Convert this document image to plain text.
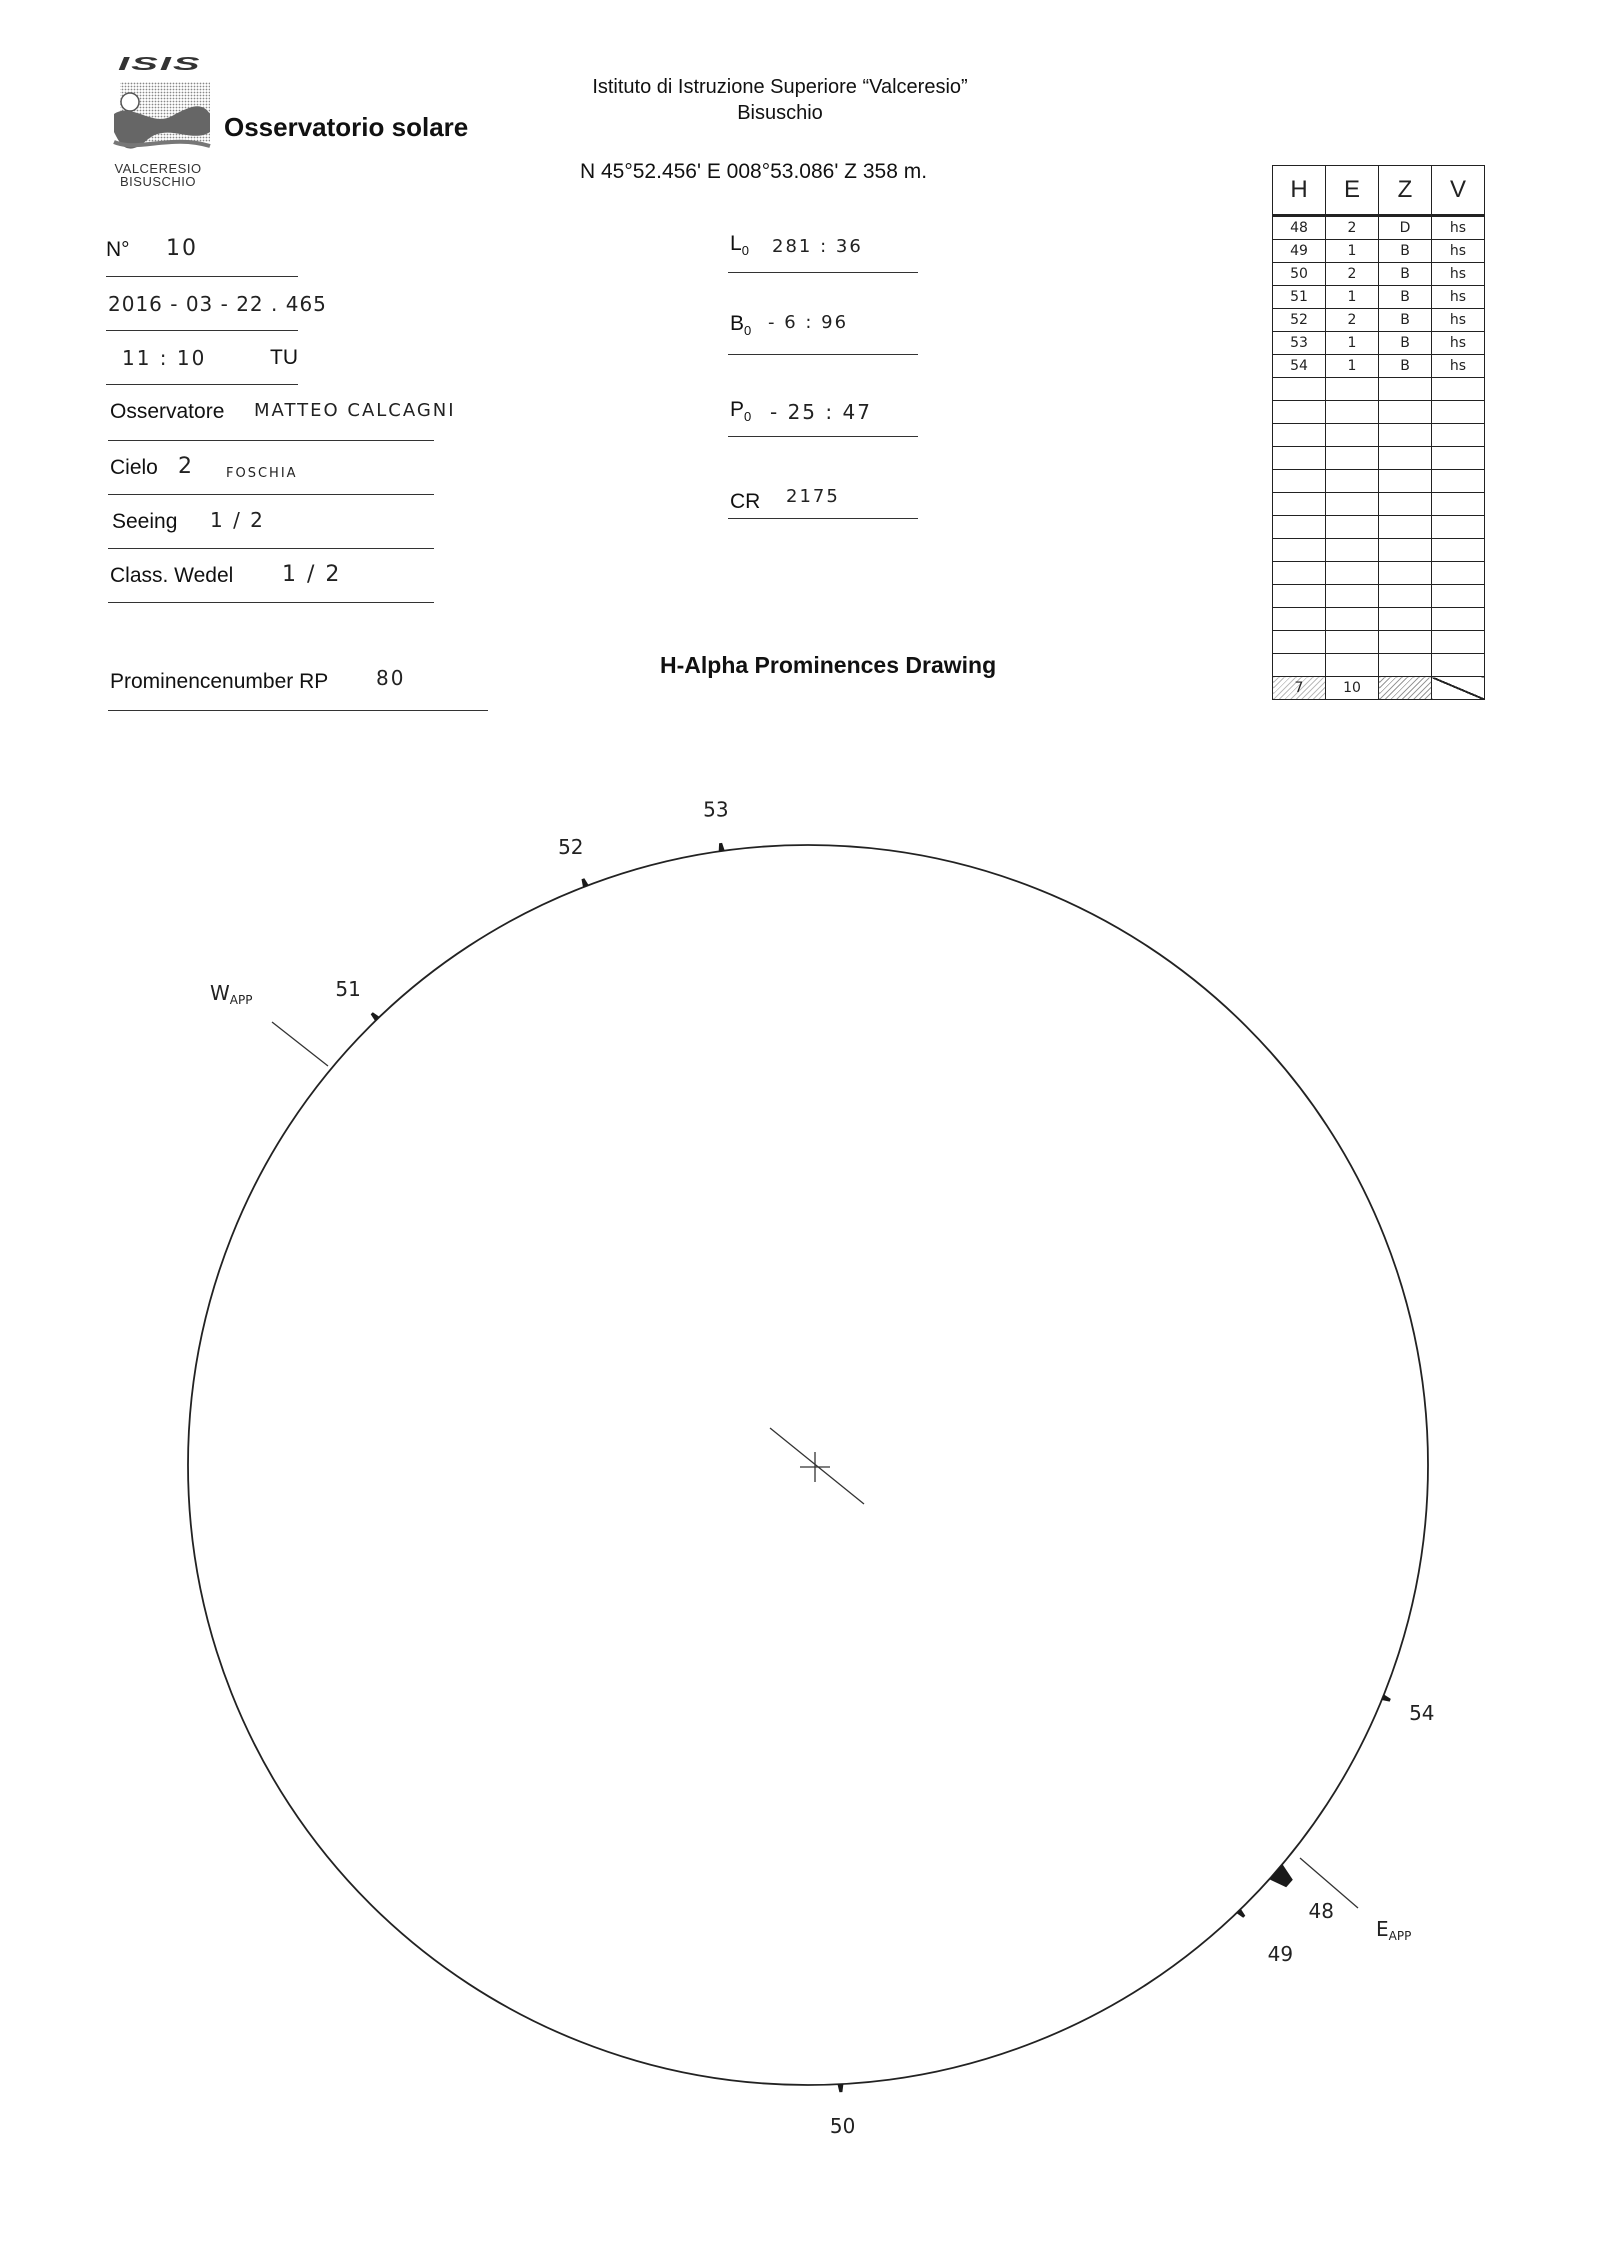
ISIS
VALCERESIO
BISUSCHIO
Osservatorio solare
Istituto di Istruzione Superiore “Valceresio”
Bisuschio
N 45°52.456' E 008°53.086' Z 358 m.
N° 10
2016 - 03 - 22 . 465
11 : 10	TU
Osservatore MATTEO CALCAGNI
Cielo 2	FOSCHIA
Seeing 1 / 2
Class. Wedel 1 / 2
Prominencenumber RP 80
$L_0$ 281 : 36
$B_0 - 6$ : 96
$P_0 - 25$ : 47
CR 2175
H	E	Z	V
48	2	D	hs
49	1	B	hs
50	2	B	hs
51	1	B	hs
52	2	B	hs
53	1	B	hs
54	1	B	hs

7	10		
H-Alpha Prominences Drawing
$W_{APP}$
$E_{APP}$
48
49
50
51
52
53
54
